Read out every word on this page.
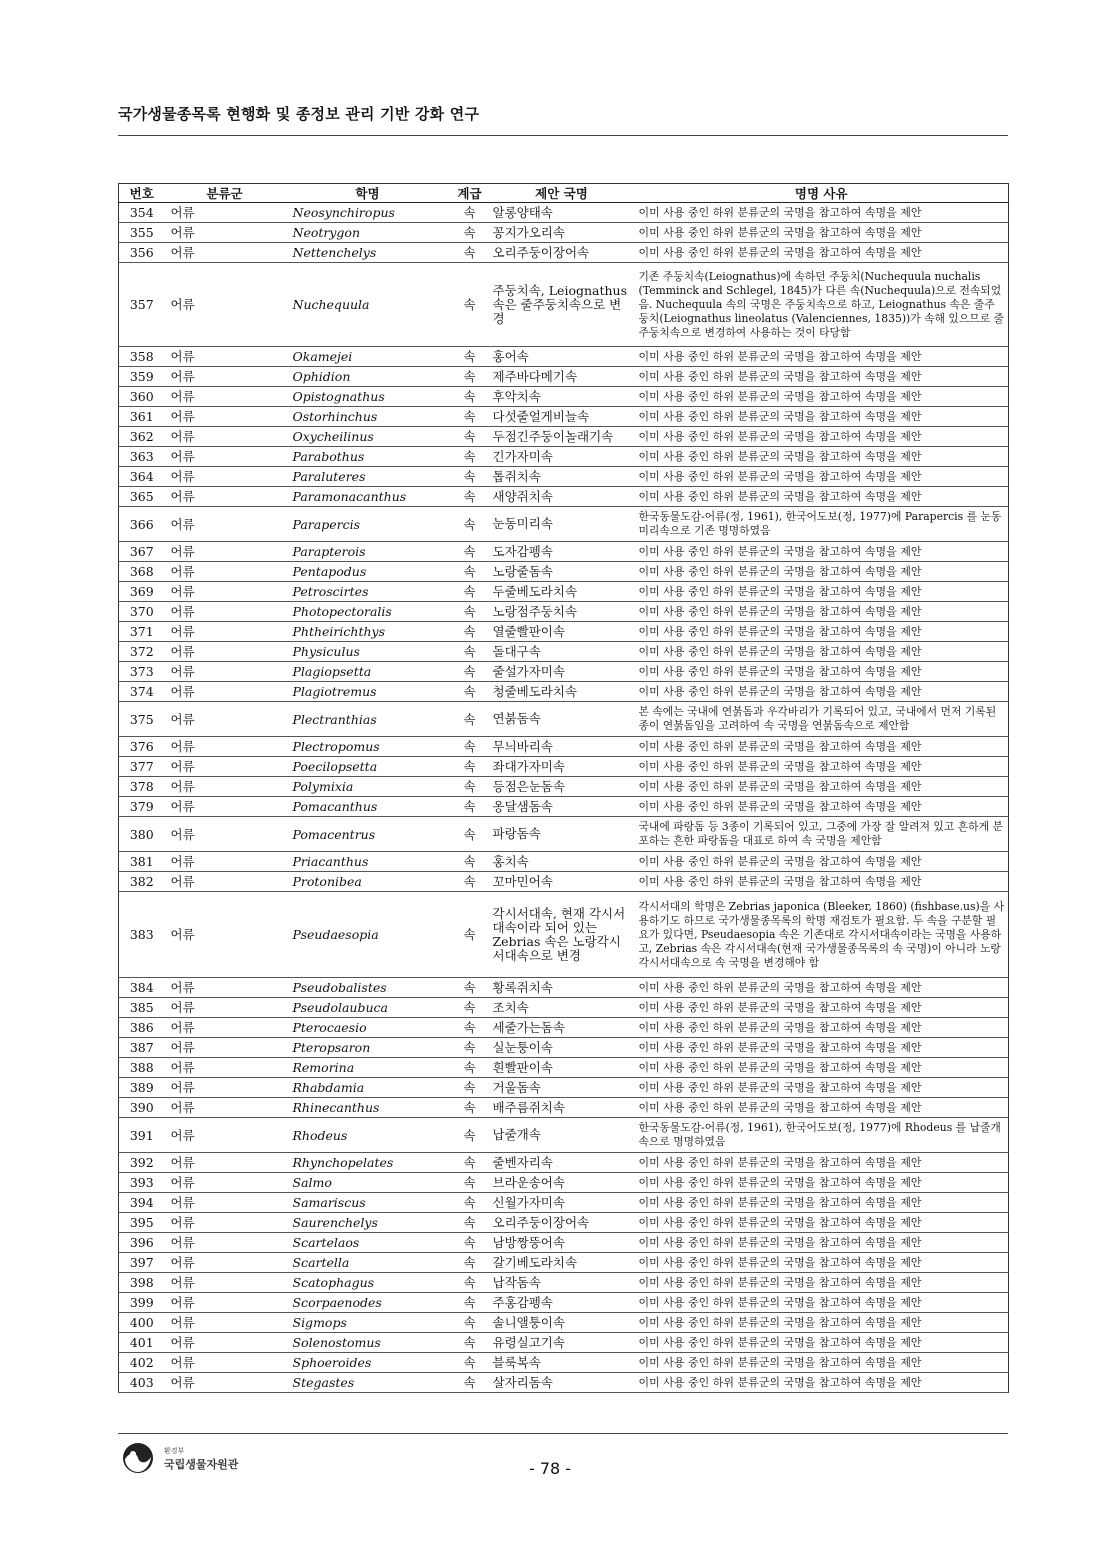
국가생물종목록 현행화 및 종정보 관리 기반 강화 연구
번호	분류군	학명	계급	제안 국명	명명 사유
354	어류	Neosynchiropus	속	알롱양태속	이미 사용 중인 하위 분류군의 국명을 참고하여 속명을 제안
355	어류	Neotrygon	속	꽁지가오리속	이미 사용 중인 하위 분류군의 국명을 참고하여 속명을 제안
356	어류	Nettenchelys	속	오리주둥이장어속	이미 사용 중인 하위 분류군의 국명을 참고하여 속명을 제안
357	어류	Nuchequula	속	주둥치속, Leiognathus 속은 줄주둥치속으로 변경	기존 주둥치속(Leiognathus)에 속하던 주둥치(Nuchequula nuchalis (Temminck and Schlegel, 1845)가 다른 속(Nuchequula)으로 전속되었음. Nuchequula 속의 국명은 주둥치속으로 하고, Leiognathus 속은 줄주둥치(Leiognathus lineolatus (Valenciennes, 1835))가 속해 있으므로 줄주둥치속으로 변경하여 사용하는 것이 타당함
358	어류	Okamejei	속	홍어속	이미 사용 중인 하위 분류군의 국명을 참고하여 속명을 제안
359	어류	Ophidion	속	제주바다메기속	이미 사용 중인 하위 분류군의 국명을 참고하여 속명을 제안
360	어류	Opistognathus	속	후악치속	이미 사용 중인 하위 분류군의 국명을 참고하여 속명을 제안
361	어류	Ostorhinchus	속	다섯줄얼게비늘속	이미 사용 중인 하위 분류군의 국명을 참고하여 속명을 제안
362	어류	Oxycheilinus	속	두점긴주둥이놀래기속	이미 사용 중인 하위 분류군의 국명을 참고하여 속명을 제안
363	어류	Parabothus	속	긴가자미속	이미 사용 중인 하위 분류군의 국명을 참고하여 속명을 제안
364	어류	Paraluteres	속	톱쥐치속	이미 사용 중인 하위 분류군의 국명을 참고하여 속명을 제안
365	어류	Paramonacanthus	속	새양쥐치속	이미 사용 중인 하위 분류군의 국명을 참고하여 속명을 제안
366	어류	Parapercis	속	눈동미리속	한국동물도감-어류(정, 1961), 한국어도보(정, 1977)에 Parapercis 를 눈동미리속으로 기존 명명하였음
367	어류	Parapterois	속	도자감펭속	이미 사용 중인 하위 분류군의 국명을 참고하여 속명을 제안
368	어류	Pentapodus	속	노랑줄돔속	이미 사용 중인 하위 분류군의 국명을 참고하여 속명을 제안
369	어류	Petroscirtes	속	두줄베도라치속	이미 사용 중인 하위 분류군의 국명을 참고하여 속명을 제안
370	어류	Photopectoralis	속	노랑점주둥치속	이미 사용 중인 하위 분류군의 국명을 참고하여 속명을 제안
371	어류	Phtheirichthys	속	열줄빨판이속	이미 사용 중인 하위 분류군의 국명을 참고하여 속명을 제안
372	어류	Physiculus	속	돌대구속	이미 사용 중인 하위 분류군의 국명을 참고하여 속명을 제안
373	어류	Plagiopsetta	속	줄설가자미속	이미 사용 중인 하위 분류군의 국명을 참고하여 속명을 제안
374	어류	Plagiotremus	속	청줄베도라치속	이미 사용 중인 하위 분류군의 국명을 참고하여 속명을 제안
375	어류	Plectranthias	속	연붉돔속	본 속에는 국내에 연붉돔과 우각바리가 기록되어 있고, 국내에서 먼저 기록된 종이 연붉돔임을 고려하여 속 국명을 연붉돔속으로 제안함
376	어류	Plectropomus	속	무늬바리속	이미 사용 중인 하위 분류군의 국명을 참고하여 속명을 제안
377	어류	Poecilopsetta	속	좌대가자미속	이미 사용 중인 하위 분류군의 국명을 참고하여 속명을 제안
378	어류	Polymixia	속	등점은눈돔속	이미 사용 중인 하위 분류군의 국명을 참고하여 속명을 제안
379	어류	Pomacanthus	속	옹달샘돔속	이미 사용 중인 하위 분류군의 국명을 참고하여 속명을 제안
380	어류	Pomacentrus	속	파랑돔속	국내에 파랑돔 등 3종이 기록되어 있고, 그중에 가장 잘 알려져 있고 흔하게 분포하는 흔한 파랑돔을 대표로 하여 속 국명을 제안함
381	어류	Priacanthus	속	홍치속	이미 사용 중인 하위 분류군의 국명을 참고하여 속명을 제안
382	어류	Protonibea	속	꼬마민어속	이미 사용 중인 하위 분류군의 국명을 참고하여 속명을 제안
383	어류	Pseudaesopia	속	각시서대속, 현재 각시서대속이라 되어 있는 Zebrias 속은 노랑각시서대속으로 변경	각시서대의 학명은 Zebrias japonica (Bleeker, 1860) (fishbase.us)을 사용하기도 하므로 국가생물종목록의 학명 재검토가 필요함. 두 속을 구분할 필요가 있다면, Pseudaesopia 속은 기존대로 각시서대속이라는 국명을 사용하고, Zebrias 속은 각시서대속(현재 국가생물종목록의 속 국명)이 아니라 노랑각시서대속으로 속 국명을 변경해야 함
384	어류	Pseudobalistes	속	황록쥐치속	이미 사용 중인 하위 분류군의 국명을 참고하여 속명을 제안
385	어류	Pseudolaubuca	속	조치속	이미 사용 중인 하위 분류군의 국명을 참고하여 속명을 제안
386	어류	Pterocaesio	속	세줄가는돔속	이미 사용 중인 하위 분류군의 국명을 참고하여 속명을 제안
387	어류	Pteropsaron	속	실눈퉁이속	이미 사용 중인 하위 분류군의 국명을 참고하여 속명을 제안
388	어류	Remorina	속	흰빨판이속	이미 사용 중인 하위 분류군의 국명을 참고하여 속명을 제안
389	어류	Rhabdamia	속	거울돔속	이미 사용 중인 하위 분류군의 국명을 참고하여 속명을 제안
390	어류	Rhinecanthus	속	배주름쥐치속	이미 사용 중인 하위 분류군의 국명을 참고하여 속명을 제안
391	어류	Rhodeus	속	납줄개속	한국동물도감-어류(정, 1961), 한국어도보(정, 1977)에 Rhodeus 를 납줄개속으로 명명하였음
392	어류	Rhynchopelates	속	줄벤자리속	이미 사용 중인 하위 분류군의 국명을 참고하여 속명을 제안
393	어류	Salmo	속	브라운송어속	이미 사용 중인 하위 분류군의 국명을 참고하여 속명을 제안
394	어류	Samariscus	속	신월가자미속	이미 사용 중인 하위 분류군의 국명을 참고하여 속명을 제안
395	어류	Saurenchelys	속	오리주둥이장어속	이미 사용 중인 하위 분류군의 국명을 참고하여 속명을 제안
396	어류	Scartelaos	속	남방짱뚱어속	이미 사용 중인 하위 분류군의 국명을 참고하여 속명을 제안
397	어류	Scartella	속	갈기베도라치속	이미 사용 중인 하위 분류군의 국명을 참고하여 속명을 제안
398	어류	Scatophagus	속	납작돔속	이미 사용 중인 하위 분류군의 국명을 참고하여 속명을 제안
399	어류	Scorpaenodes	속	주홍감펭속	이미 사용 중인 하위 분류군의 국명을 참고하여 속명을 제안
400	어류	Sigmops	속	솔니앨퉁이속	이미 사용 중인 하위 분류군의 국명을 참고하여 속명을 제안
401	어류	Solenostomus	속	유령실고기속	이미 사용 중인 하위 분류군의 국명을 참고하여 속명을 제안
402	어류	Sphoeroides	속	블룩복속	이미 사용 중인 하위 분류군의 국명을 참고하여 속명을 제안
403	어류	Stegastes	속	살자리돔속	이미 사용 중인 하위 분류군의 국명을 참고하여 속명을 제안
환경부
국립생물자원관	- 78 -
